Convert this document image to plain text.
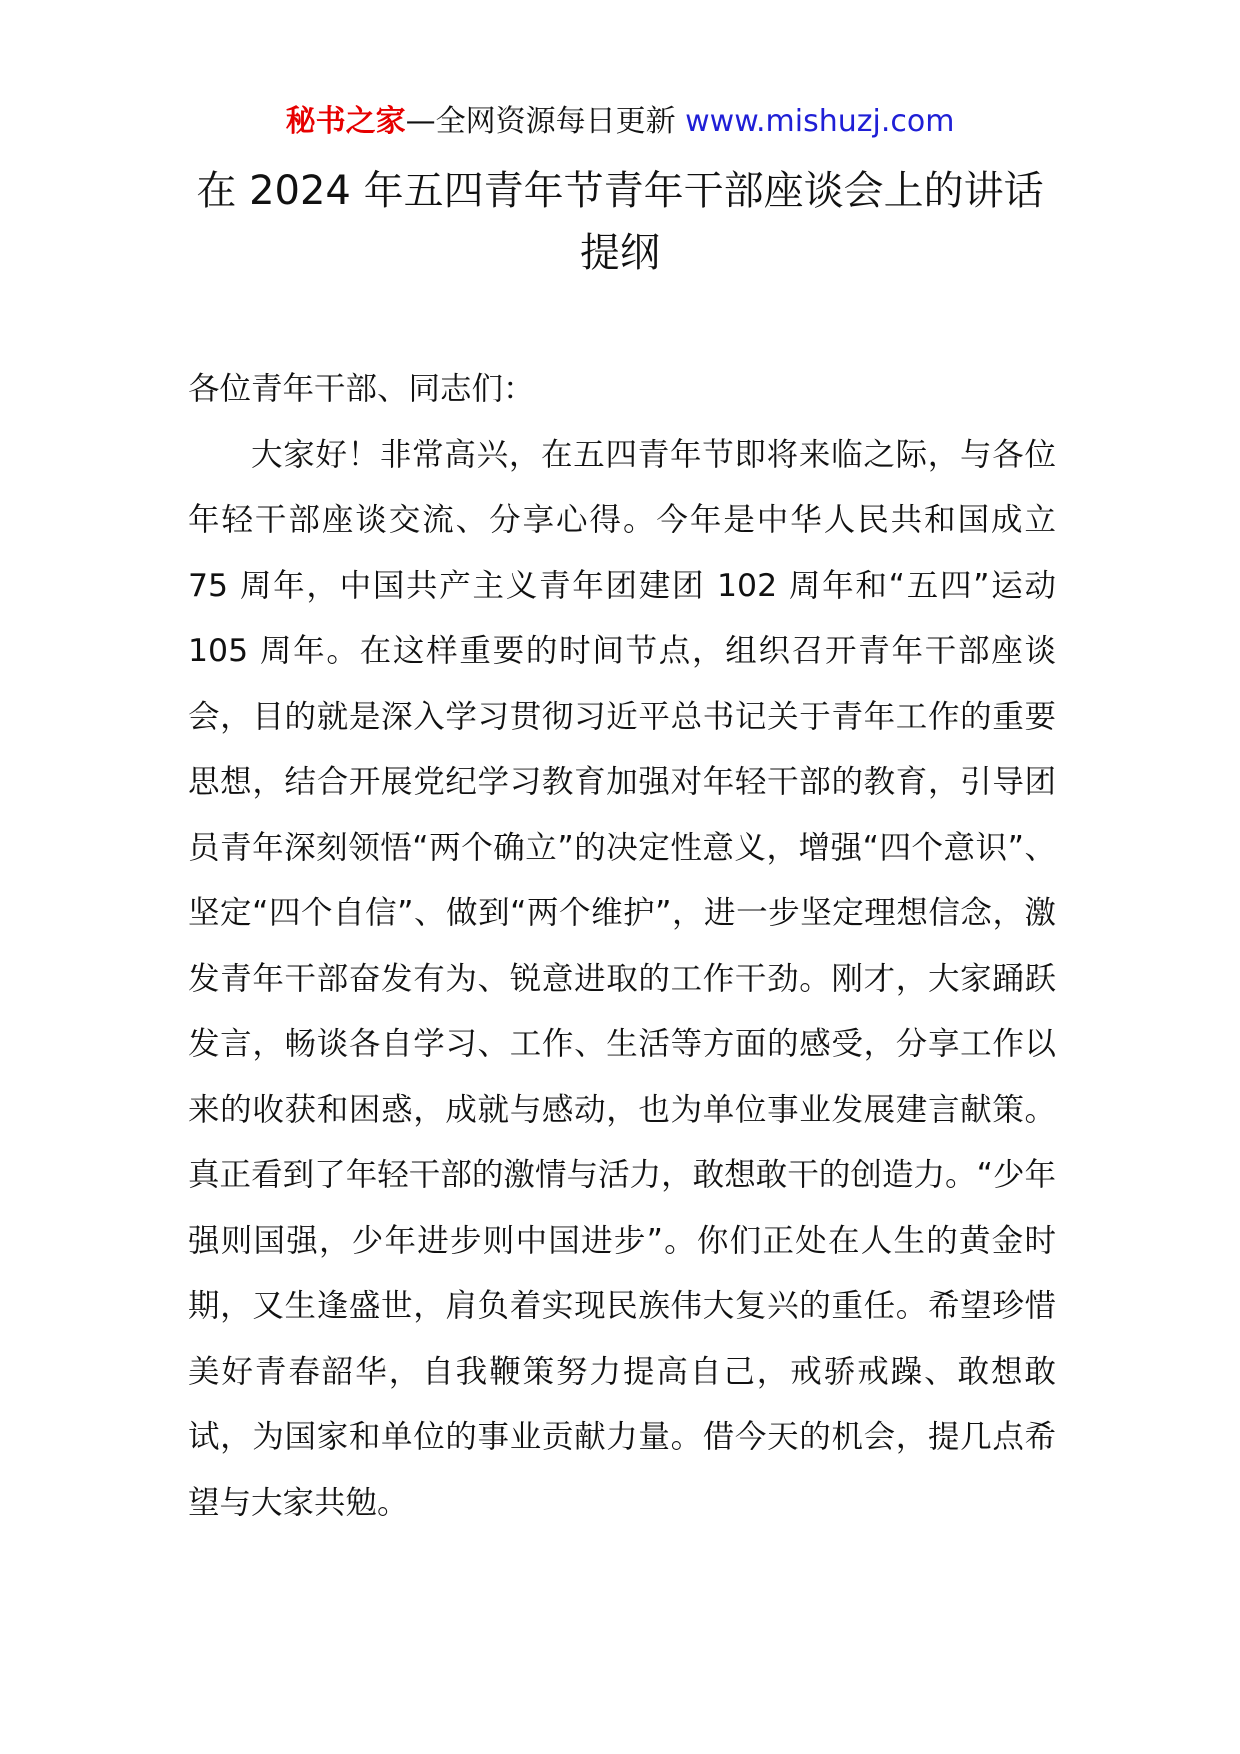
秘书之家—全网资源每日更新 www.mishuzj.com
在 2024 年五四青年节青年干部座谈会上的讲话
提纲

各位青年干部、同志们：

大家好！非常高兴，在五四青年节即将来临之际，与各位年轻干部座谈交流、分享心得。今年是中华人民共和国成立 75 周年，中国共产主义青年团建团 102 周年和“五四”运动 105 周年。在这样重要的时间节点，组织召开青年干部座谈会，目的就是深入学习贯彻习近平总书记关于青年工作的重要思想，结合开展党纪学习教育加强对年轻干部的教育，引导团员青年深刻领悟“两个确立”的决定性意义，增强“四个意识”、坚定“四个自信”、做到“两个维护”，进一步坚定理想信念，激发青年干部奋发有为、锐意进取的工作干劲。刚才，大家踊跃发言，畅谈各自学习、工作、生活等方面的感受，分享工作以来的收获和困惑，成就与感动，也为单位事业发展建言献策。真正看到了年轻干部的激情与活力，敢想敢干的创造力。“少年强则国强，少年进步则中国进步”。你们正处在人生的黄金时期，又生逢盛世，肩负着实现民族伟大复兴的重任。希望珍惜美好青春韶华，自我鞭策努力提高自己，戒骄戒躁、敢想敢试，为国家和单位的事业贡献力量。借今天的机会，提几点希望与大家共勉。
